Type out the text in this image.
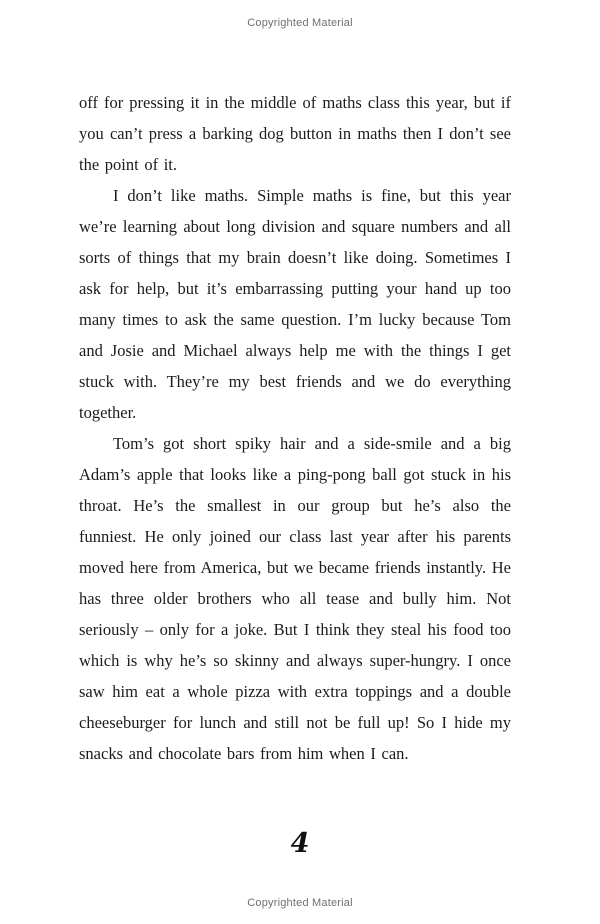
Copyrighted Material

off for pressing it in the middle of maths class this year, but if you can’t press a barking dog button in maths then I don’t see the point of it.

I don’t like maths. Simple maths is fine, but this year we’re learning about long division and square numbers and all sorts of things that my brain doesn’t like doing. Sometimes I ask for help, but it’s embarrassing putting your hand up too many times to ask the same question. I’m lucky because Tom and Josie and Michael always help me with the things I get stuck with. They’re my best friends and we do everything together.

Tom’s got short spiky hair and a side-smile and a big Adam’s apple that looks like a ping-pong ball got stuck in his throat. He’s the smallest in our group but he’s also the funniest. He only joined our class last year after his parents moved here from America, but we became friends instantly. He has three older brothers who all tease and bully him. Not seriously – only for a joke. But I think they steal his food too which is why he’s so skinny and always super-hungry. I once saw him eat a whole pizza with extra toppings and a double cheeseburger for lunch and still not be full up! So I hide my snacks and chocolate bars from him when I can.

4
Copyrighted Material
